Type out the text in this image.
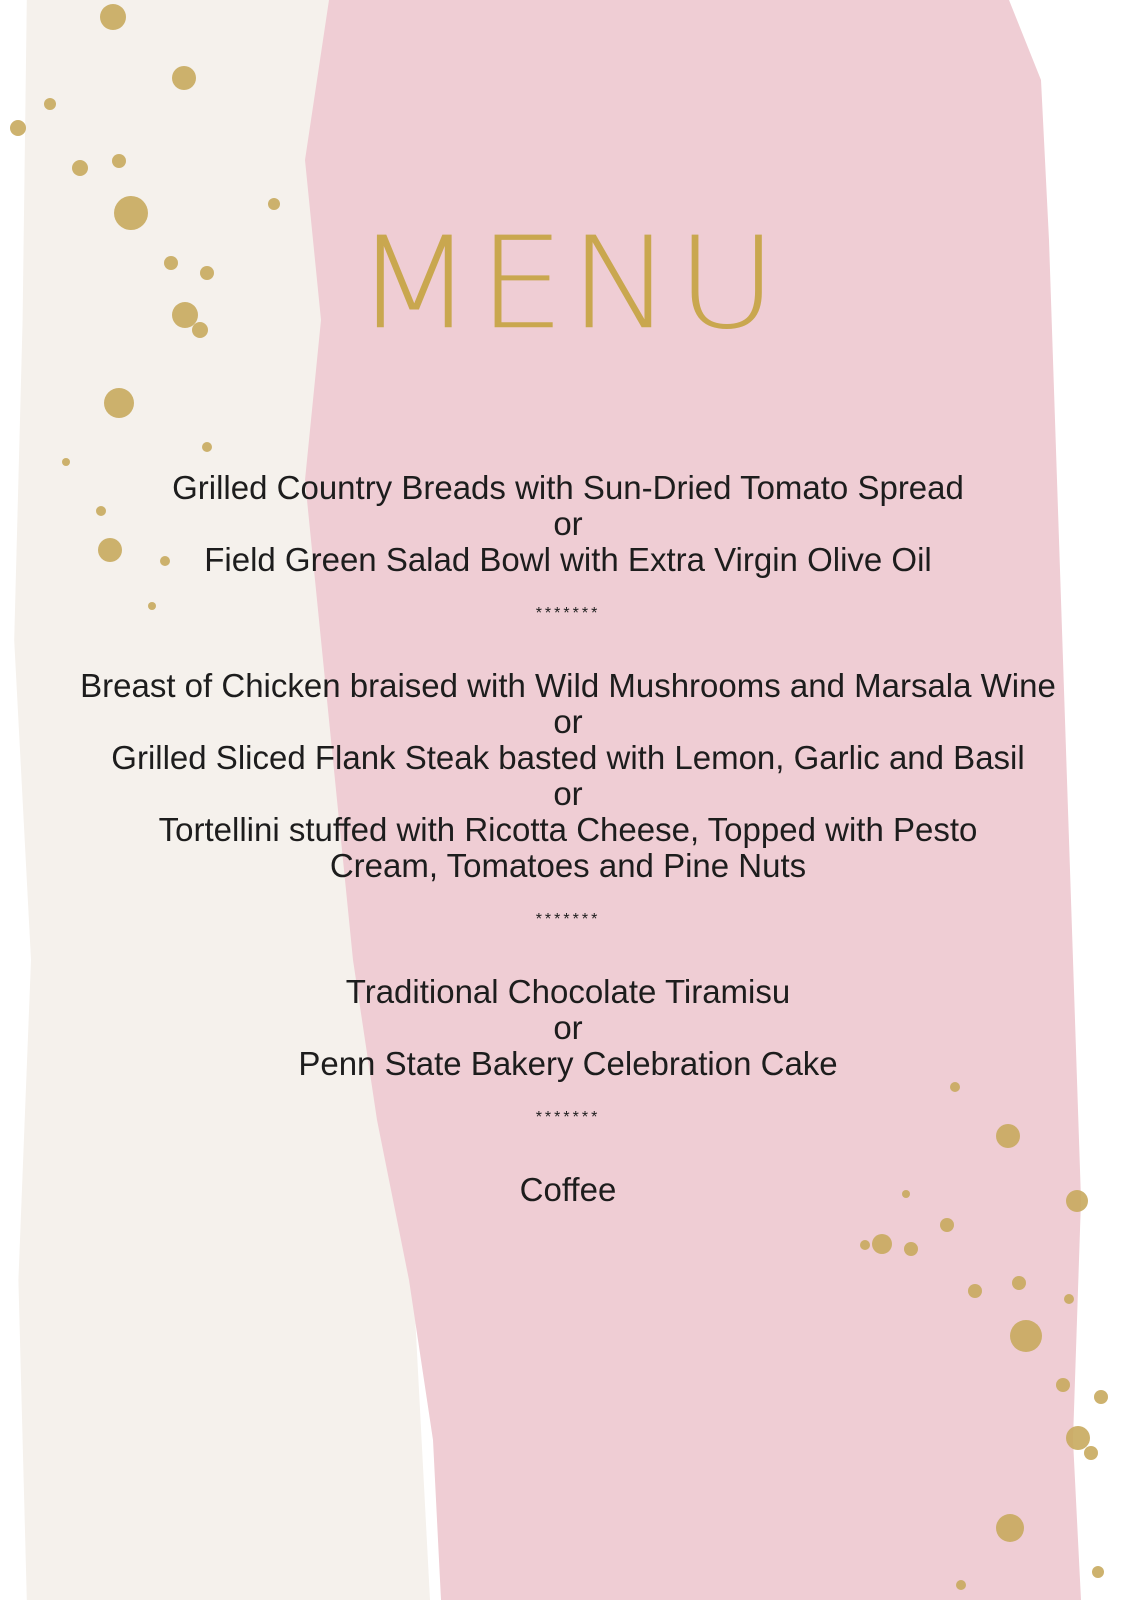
MENU
Grilled Country Breads with Sun-Dried Tomato Spread
or
Field Green Salad Bowl with Extra Virgin Olive Oil
*******
Breast of Chicken braised with Wild Mushrooms and Marsala Wine
or
Grilled Sliced Flank Steak basted with Lemon, Garlic and Basil
or
Tortellini stuffed with Ricotta Cheese, Topped with Pesto Cream, Tomatoes and Pine Nuts
*******
Traditional Chocolate Tiramisu
or
Penn State Bakery Celebration Cake
*******
Coffee
